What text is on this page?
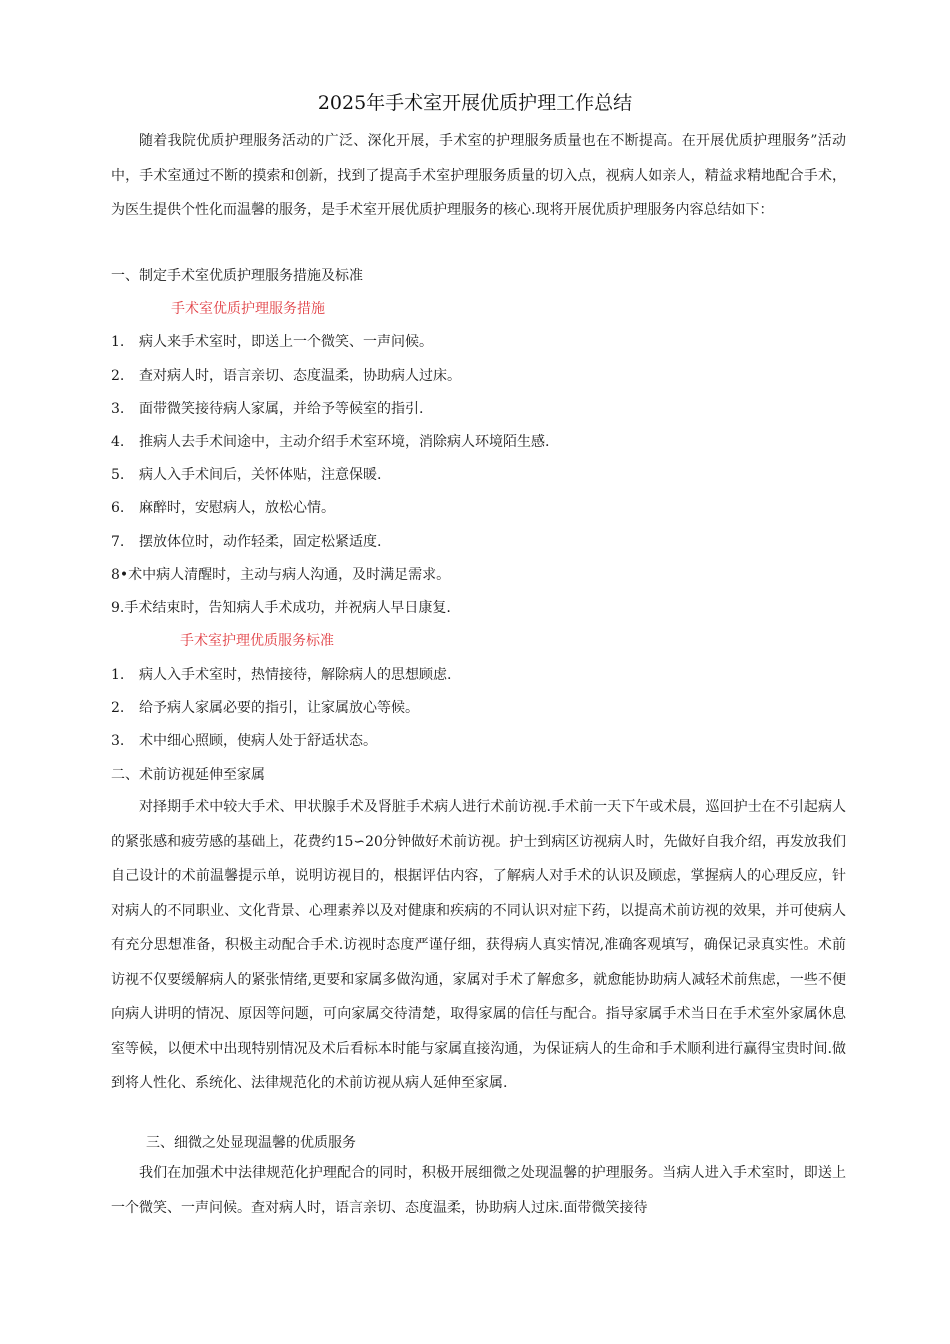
2025年手术室开展优质护理工作总结

随着我院优质护理服务活动的广泛、深化开展，手术室的护理服务质量也在不断提高。在开展优质护理服务”活动中，手术室通过不断的摸索和创新，找到了提高手术室护理服务质量的切入点，视病人如亲人，精益求精地配合手术，为医生提供个性化而温馨的服务，是手术室开展优质护理服务的核心.现将开展优质护理服务内容总结如下：

一、制定手术室优质护理服务措施及标准
手术室优质护理服务措施
1. 病人来手术室时，即送上一个微笑、一声问候。
2. 查对病人时，语言亲切、态度温柔，协助病人过床。
3. 面带微笑接待病人家属，并给予等候室的指引.
4. 推病人去手术间途中，主动介绍手术室环境，消除病人环境陌生感.
5. 病人入手术间后，关怀体贴，注意保暖.
6. 麻醉时，安慰病人，放松心情。
7. 摆放体位时，动作轻柔，固定松紧适度.
8•术中病人清醒时，主动与病人沟通，及时满足需求。
9.手术结束时，告知病人手术成功，并祝病人早日康复.
手术室护理优质服务标准
1. 病人入手术室时，热情接待，解除病人的思想顾虑.
2. 给予病人家属必要的指引，让家属放心等候。
3. 术中细心照顾，使病人处于舒适状态。
二、术前访视延伸至家属

对择期手术中较大手术、甲状腺手术及肾脏手术病人进行术前访视.手术前一天下午或术晨，巡回护士在不引起病人的紧张感和疲劳感的基础上，花费约15∽20分钟做好术前访视。护士到病区访视病人时，先做好自我介绍，再发放我们自己设计的术前温馨提示单，说明访视目的，根据评估内容，了解病人对手术的认识及顾虑，掌握病人的心理反应，针对病人的不同职业、文化背景、心理素养以及对健康和疾病的不同认识对症下药，以提高术前访视的效果，并可使病人有充分思想准备，积极主动配合手术.访视时态度严谨仔细，获得病人真实情况,准确客观填写，确保记录真实性。术前访视不仅要缓解病人的紧张情绪,更要和家属多做沟通，家属对手术了解愈多，就愈能协助病人减轻术前焦虑，一些不便向病人讲明的情况、原因等问题，可向家属交待清楚，取得家属的信任与配合。指导家属手术当日在手术室外家属休息室等候，以便术中出现特别情况及术后看标本时能与家属直接沟通，为保证病人的生命和手术顺利进行赢得宝贵时间.做到将人性化、系统化、法律规范化的术前访视从病人延伸至家属.

三、细微之处显现温馨的优质服务

我们在加强术中法律规范化护理配合的同时，积极开展细微之处现温馨的护理服务。当病人进入手术室时，即送上一个微笑、一声问候。查对病人时，语言亲切、态度温柔，协助病人过床.面带微笑接待
